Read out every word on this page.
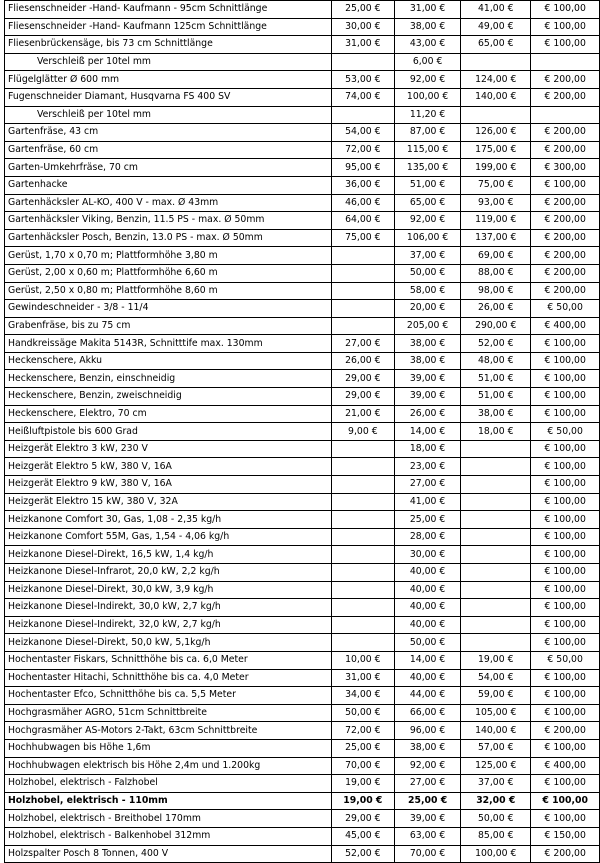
Fliesenschneider -Hand- Kaufmann - 95cm Schnittlänge	25,00 €	31,00 €	41,00 €	€ 100,00
Fliesenschneider -Hand- Kaufmann 125cm Schnittlänge	30,00 €	38,00 €	49,00 €	€ 100,00
Fliesenbrückensäge, bis 73 cm Schnittlänge	31,00 €	43,00 €	65,00 €	€ 100,00
Verschleiß per 10tel mm		6,00 €		
Flügelglätter Ø 600 mm	53,00 €	92,00 €	124,00 €	€ 200,00
Fugenschneider Diamant, Husqvarna FS 400 SV	74,00 €	100,00 €	140,00 €	€ 200,00
Verschleiß per 10tel mm		11,20 €		
Gartenfräse, 43 cm	54,00 €	87,00 €	126,00 €	€ 200,00
Gartenfräse, 60 cm	72,00 €	115,00 €	175,00 €	€ 200,00
Garten-Umkehrfräse, 70 cm	95,00 €	135,00 €	199,00 €	€ 300,00
Gartenhacke	36,00 €	51,00 €	75,00 €	€ 100,00
Gartenhäcksler AL-KO, 400 V - max. Ø 43mm	46,00 €	65,00 €	93,00 €	€ 200,00
Gartenhäcksler Viking, Benzin, 11.5 PS - max. Ø 50mm	64,00 €	92,00 €	119,00 €	€ 200,00
Gartenhäcksler Posch, Benzin, 13.0 PS - max. Ø 50mm	75,00 €	106,00 €	137,00 €	€ 200,00
Gerüst, 1,70 x 0,70 m; Plattformhöhe 3,80 m		37,00 €	69,00 €	€ 200,00
Gerüst, 2,00 x 0,60 m; Plattformhöhe 6,60 m		50,00 €	88,00 €	€ 200,00
Gerüst, 2,50 x 0,80 m; Plattformhöhe 8,60 m		58,00 €	98,00 €	€ 200,00
Gewindeschneider - 3/8 - 11/4		20,00 €	26,00 €	€ 50,00
Grabenfräse, bis zu 75 cm		205,00 €	290,00 €	€ 400,00
Handkreissäge Makita 5143R, Schnitttife max. 130mm	27,00 €	38,00 €	52,00 €	€ 100,00
Heckenschere, Akku	26,00 €	38,00 €	48,00 €	€ 100,00
Heckenschere, Benzin, einschneidig	29,00 €	39,00 €	51,00 €	€ 100,00
Heckenschere, Benzin, zweischneidig	29,00 €	39,00 €	51,00 €	€ 100,00
Heckenschere, Elektro, 70 cm	21,00 €	26,00 €	38,00 €	€ 100,00
Heißluftpistole bis 600 Grad	9,00 €	14,00 €	18,00 €	€ 50,00
Heizgerät Elektro 3 kW, 230 V		18,00 €		€ 100,00
Heizgerät Elektro 5 kW, 380 V, 16A		23,00 €		€ 100,00
Heizgerät Elektro 9 kW, 380 V, 16A		27,00 €		€ 100,00
Heizgerät Elektro 15 kW, 380 V, 32A		41,00 €		€ 100,00
Heizkanone Comfort 30, Gas, 1,08 - 2,35 kg/h		25,00 €		€ 100,00
Heizkanone Comfort 55M, Gas, 1,54 - 4,06 kg/h		28,00 €		€ 100,00
Heizkanone Diesel-Direkt, 16,5 kW, 1,4 kg/h		30,00 €		€ 100,00
Heizkanone Diesel-Infrarot, 20,0 kW, 2,2 kg/h		40,00 €		€ 100,00
Heizkanone Diesel-Direkt, 30,0 kW, 3,9 kg/h		40,00 €		€ 100,00
Heizkanone Diesel-Indirekt, 30,0 kW, 2,7 kg/h		40,00 €		€ 100,00
Heizkanone Diesel-Indirekt, 32,0 kW, 2,7 kg/h		40,00 €		€ 100,00
Heizkanone Diesel-Direkt, 50,0 kW, 5,1kg/h		50,00 €		€ 100,00
Hochentaster Fiskars, Schnitthöhe bis ca. 6,0 Meter	10,00 €	14,00 €	19,00 €	€ 50,00
Hochentaster Hitachi, Schnitthöhe bis ca. 4,0 Meter	31,00 €	40,00 €	54,00 €	€ 100,00
Hochentaster Efco, Schnitthöhe bis ca. 5,5 Meter	34,00 €	44,00 €	59,00 €	€ 100,00
Hochgrasmäher AGRO, 51cm Schnittbreite	50,00 €	66,00 €	105,00 €	€ 100,00
Hochgrasmäher AS-Motors 2-Takt, 63cm Schnittbreite	72,00 €	96,00 €	140,00 €	€ 200,00
Hochhubwagen bis Höhe 1,6m	25,00 €	38,00 €	57,00 €	€ 100,00
Hochhubwagen elektrisch bis Höhe 2,4m und 1.200kg	70,00 €	92,00 €	125,00 €	€ 400,00
Holzhobel, elektrisch - Falzhobel	19,00 €	27,00 €	37,00 €	€ 100,00
Holzhobel, elektrisch - 110mm	19,00 €	25,00 €	32,00 €	€ 100,00
Holzhobel, elektrisch - Breithobel 170mm	29,00 €	39,00 €	50,00 €	€ 100,00
Holzhobel, elektrisch - Balkenhobel 312mm	45,00 €	63,00 €	85,00 €	€ 150,00
Holzspalter Posch 8 Tonnen, 400 V	52,00 €	70,00 €	100,00 €	€ 200,00
